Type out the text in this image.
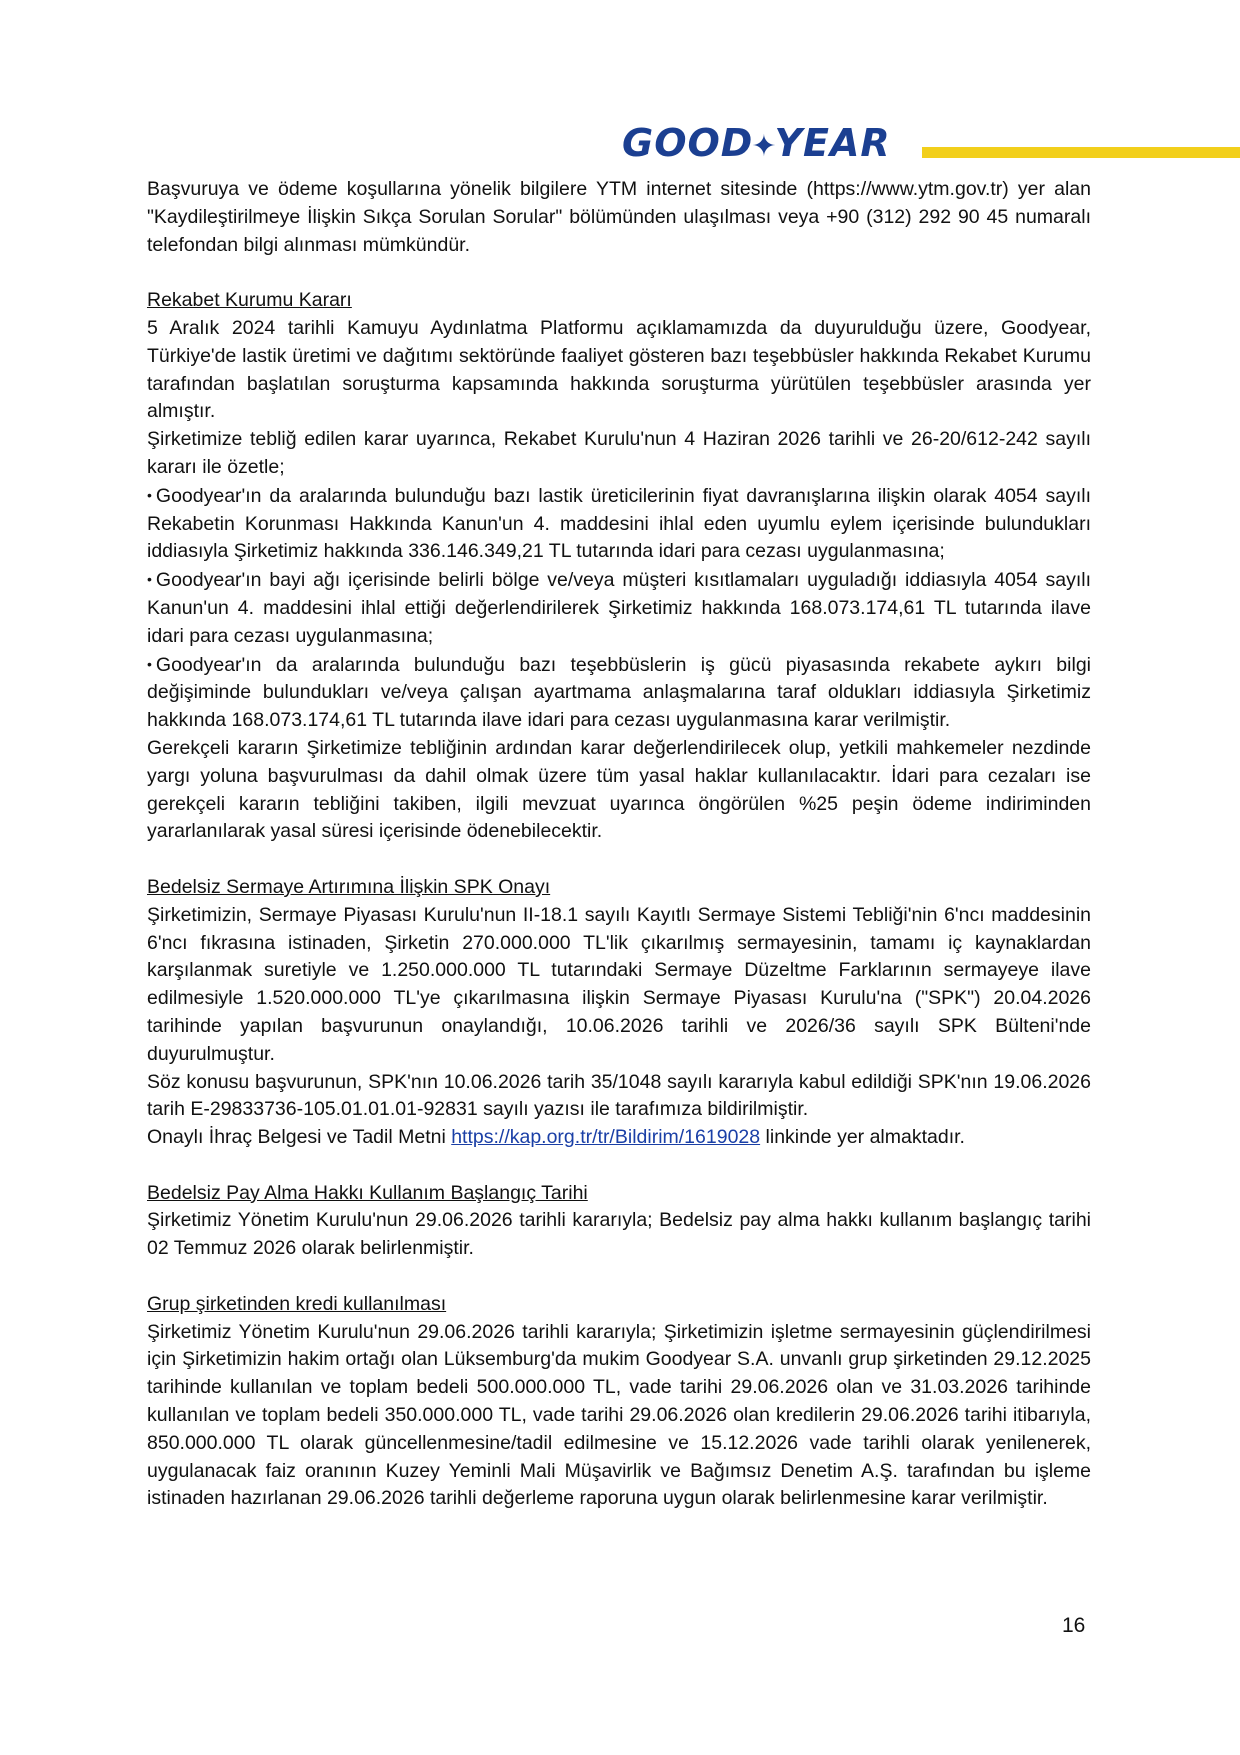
GOOD✦YEAR

Başvuruya ve ödeme koşullarına yönelik bilgilere YTM internet sitesinde (https://www.ytm.gov.tr) yer alan "Kaydileştirilmeye İlişkin Sıkça Sorulan Sorular" bölümünden ulaşılması veya +90 (312) 292 90 45 numaralı telefondan bilgi alınması mümkündür.

Rekabet Kurumu Kararı

5 Aralık 2024 tarihli Kamuyu Aydınlatma Platformu açıklamamızda da duyurulduğu üzere, Goodyear, Türkiye'de lastik üretimi ve dağıtımı sektöründe faaliyet gösteren bazı teşebbüsler hakkında Rekabet Kurumu tarafından başlatılan soruşturma kapsamında hakkında soruşturma yürütülen teşebbüsler arasında yer almıştır.

Şirketimize tebliğ edilen karar uyarınca, Rekabet Kurulu'nun 4 Haziran 2026 tarihli ve 26-20/612-242 sayılı kararı ile özetle;

• Goodyear'ın da aralarında bulunduğu bazı lastik üreticilerinin fiyat davranışlarına ilişkin olarak 4054 sayılı Rekabetin Korunması Hakkında Kanun'un 4. maddesini ihlal eden uyumlu eylem içerisinde bulundukları iddiasıyla Şirketimiz hakkında 336.146.349,21 TL tutarında idari para cezası uygulanmasına;

• Goodyear'ın bayi ağı içerisinde belirli bölge ve/veya müşteri kısıtlamaları uyguladığı iddiasıyla 4054 sayılı Kanun'un 4. maddesini ihlal ettiği değerlendirilerek Şirketimiz hakkında 168.073.174,61 TL tutarında ilave idari para cezası uygulanmasına;

• Goodyear'ın da aralarında bulunduğu bazı teşebbüslerin iş gücü piyasasında rekabete aykırı bilgi değişiminde bulundukları ve/veya çalışan ayartmama anlaşmalarına taraf oldukları iddiasıyla Şirketimiz hakkında 168.073.174,61 TL tutarında ilave idari para cezası uygulanmasına karar verilmiştir.

Gerekçeli kararın Şirketimize tebliğinin ardından karar değerlendirilecek olup, yetkili mahkemeler nezdinde yargı yoluna başvurulması da dahil olmak üzere tüm yasal haklar kullanılacaktır. İdari para cezaları ise gerekçeli kararın tebliğini takiben, ilgili mevzuat uyarınca öngörülen %25 peşin ödeme indiriminden yararlanılarak yasal süresi içerisinde ödenebilecektir.

Bedelsiz Sermaye Artırımına İlişkin SPK Onayı

Şirketimizin, Sermaye Piyasası Kurulu'nun II-18.1 sayılı Kayıtlı Sermaye Sistemi Tebliği'nin 6'ncı maddesinin 6'ncı fıkrasına istinaden, Şirketin 270.000.000 TL'lik çıkarılmış sermayesinin, tamamı iç kaynaklardan karşılanmak suretiyle ve 1.250.000.000 TL tutarındaki Sermaye Düzeltme Farklarının sermayeye ilave edilmesiyle 1.520.000.000 TL'ye çıkarılmasına ilişkin Sermaye Piyasası Kurulu'na ("SPK") 20.04.2026 tarihinde yapılan başvurunun onaylandığı, 10.06.2026 tarihli ve 2026/36 sayılı SPK Bülteni'nde duyurulmuştur.

Söz konusu başvurunun, SPK'nın 10.06.2026 tarih 35/1048 sayılı kararıyla kabul edildiği SPK'nın 19.06.2026 tarih E-29833736-105.01.01.01-92831 sayılı yazısı ile tarafımıza bildirilmiştir.

Onaylı İhraç Belgesi ve Tadil Metni https://kap.org.tr/tr/Bildirim/1619028 linkinde yer almaktadır.

Bedelsiz Pay Alma Hakkı Kullanım Başlangıç Tarihi

Şirketimiz Yönetim Kurulu'nun 29.06.2026 tarihli kararıyla; Bedelsiz pay alma hakkı kullanım başlangıç tarihi 02 Temmuz 2026 olarak belirlenmiştir.

Grup şirketinden kredi kullanılması

Şirketimiz Yönetim Kurulu'nun 29.06.2026 tarihli kararıyla; Şirketimizin işletme sermayesinin güçlendirilmesi için Şirketimizin hakim ortağı olan Lüksemburg'da mukim Goodyear S.A. unvanlı grup şirketinden 29.12.2025 tarihinde kullanılan ve toplam bedeli 500.000.000 TL, vade tarihi 29.06.2026 olan ve 31.03.2026 tarihinde kullanılan ve toplam bedeli 350.000.000 TL, vade tarihi 29.06.2026 olan kredilerin 29.06.2026 tarihi itibarıyla, 850.000.000 TL olarak güncellenmesine/tadil edilmesine ve 15.12.2026 vade tarihli olarak yenilenerek, uygulanacak faiz oranının Kuzey Yeminli Mali Müşavirlik ve Bağımsız Denetim A.Ş. tarafından bu işleme istinaden hazırlanan 29.06.2026 tarihli değerleme raporuna uygun olarak belirlenmesine karar verilmiştir.

16
